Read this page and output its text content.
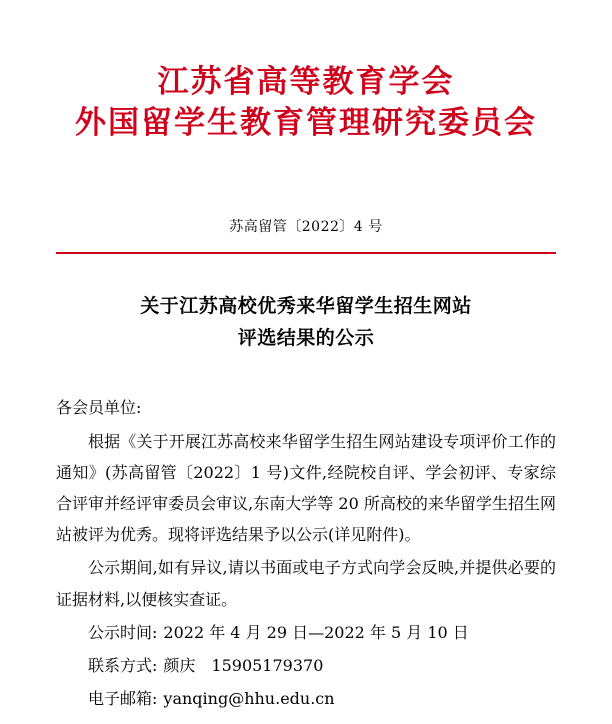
江苏省高等教育学会
外国留学生教育管理研究委员会
苏高留管〔2022〕4 号
关于江苏高校优秀来华留学生招生网站
评选结果的公示

各会员单位:

根据《关于开展江苏高校来华留学生招生网站建设专项评价工作的通知》(苏高留管〔2022〕1 号)文件,经院校自评、学会初评、专家综合评审并经评审委员会审议,东南大学等 20 所高校的来华留学生招生网站被评为优秀。现将评选结果予以公示(详见附件)。

公示期间,如有异议,请以书面或电子方式向学会反映,并提供必要的证据材料,以便核实查证。

公示时间: 2022 年 4 月 29 日—2022 年 5 月 10 日

联系方式: 颜庆　15905179370

电子邮箱: yanqing@hhu.edu.cn
